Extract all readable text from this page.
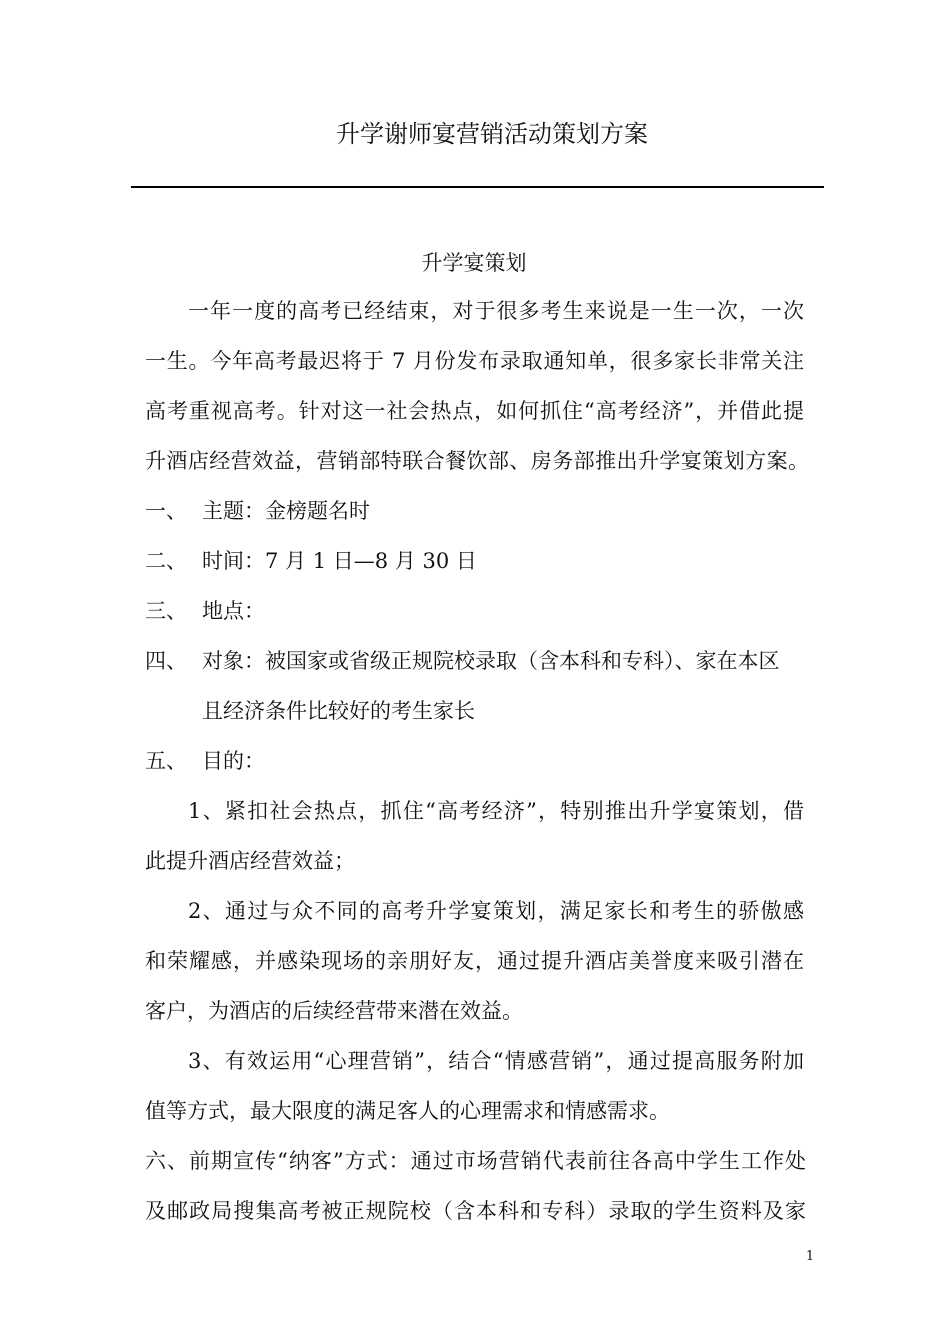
升学谢师宴营销活动策划方案
升学宴策划
一年一度的高考已经结束，对于很多考生来说是一生一次，一次
一生。今年高考最迟将于 7 月份发布录取通知单，很多家长非常关注
高考重视高考。针对这一社会热点，如何抓住“高考经济”，并借此提
升酒店经营效益，营销部特联合餐饮部、房务部推出升学宴策划方案。
一、 主题：金榜题名时
二、 时间：7 月 1 日—8 月 30 日
三、 地点：
四、 对象：被国家或省级正规院校录取（含本科和专科）、家在本区
且经济条件比较好的考生家长
五、 目的：
1、紧扣社会热点，抓住“高考经济”，特别推出升学宴策划，借
此提升酒店经营效益；
2、通过与众不同的高考升学宴策划，满足家长和考生的骄傲感
和荣耀感，并感染现场的亲朋好友，通过提升酒店美誉度来吸引潜在
客户，为酒店的后续经营带来潜在效益。
3、有效运用“心理营销”，结合“情感营销”，通过提高服务附加
值等方式，最大限度的满足客人的心理需求和情感需求。
六、前期宣传“纳客”方式：通过市场营销代表前往各高中学生工作处
及邮政局搜集高考被正规院校（含本科和专科）录取的学生资料及家
1
